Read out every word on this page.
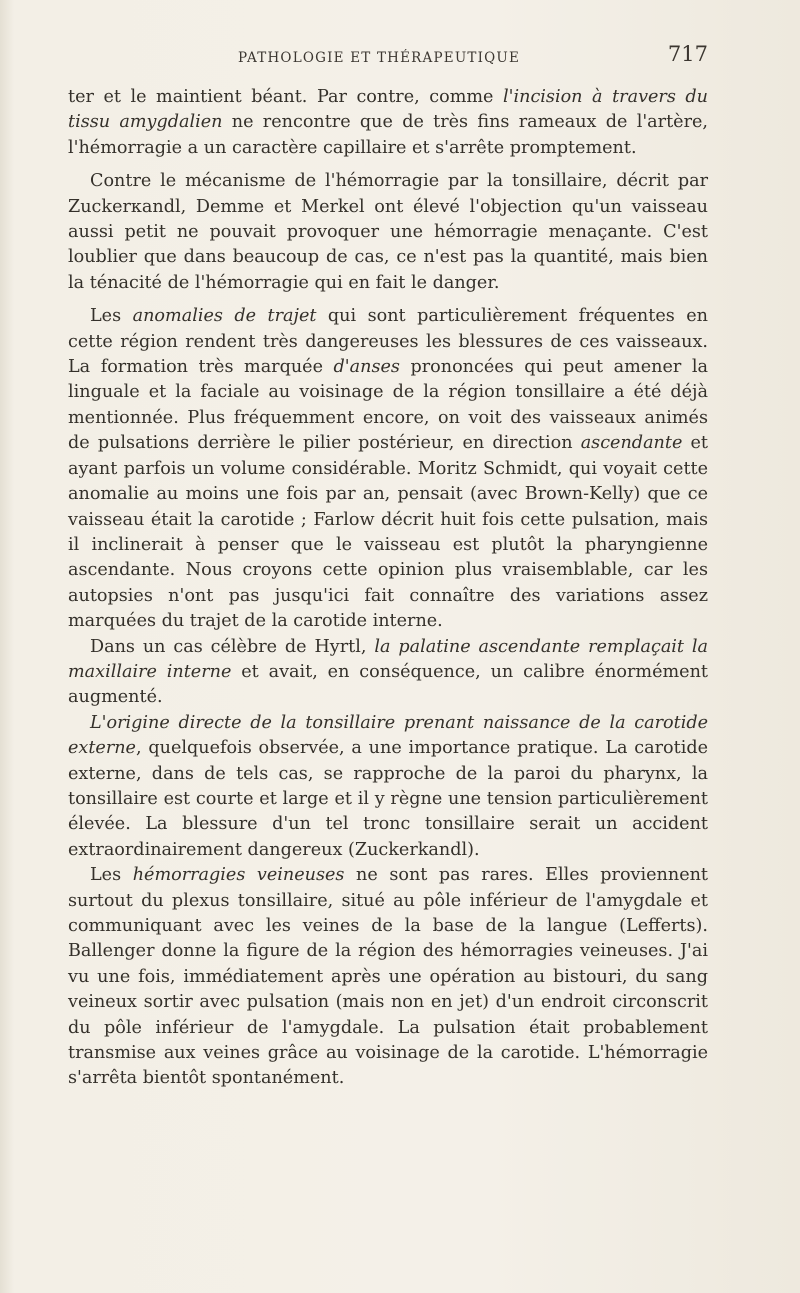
PATHOLOGIE ET THÉRAPEUTIQUE	717

ter et le maintient béant. Par contre, comme l'incision à travers du tissu amygdalien ne rencontre que de très fins rameaux de l'artère, l'hémorragie a un caractère capillaire et s'arrête promptement.

Contre le mécanisme de l'hémorragie par la tonsillaire, décrit par Zuckerкandl, Demme et Merkel ont élevé l'objection qu'un vaisseau aussi petit ne pouvait provoquer une hémorragie menaçante. C'est loublier que dans beaucoup de cas, ce n'est pas la quantité, mais bien la ténacité de l'hémorragie qui en fait le danger.

Les anomalies de trajet qui sont particulièrement fréquentes en cette région rendent très dangereuses les blessures de ces vaisseaux. La formation très marquée d'anses prononcées qui peut amener la linguale et la faciale au voisinage de la région tonsillaire a été déjà mentionnée. Plus fréquemment encore, on voit des vaisseaux animés de pulsations derrière le pilier postérieur, en direction ascendante et ayant parfois un volume considérable. Moritz Schmidt, qui voyait cette anomalie au moins une fois par an, pensait (avec Brown-Kelly) que ce vaisseau était la carotide ; Farlow décrit huit fois cette pulsation, mais il inclinerait à penser que le vaisseau est plutôt la pharyngienne ascendante. Nous croyons cette opinion plus vraisemblable, car les autopsies n'ont pas jusqu'ici fait connaître des variations assez marquées du trajet de la carotide interne.

Dans un cas célèbre de Hyrtl, la palatine ascendante remplaçait la maxillaire interne et avait, en conséquence, un calibre énormément augmenté.

L'origine directe de la tonsillaire prenant naissance de la carotide externe, quelquefois observée, a une importance pratique. La carotide externe, dans de tels cas, se rapproche de la paroi du pharynx, la tonsillaire est courte et large et il y règne une tension particulièrement élevée. La blessure d'un tel tronc tonsillaire serait un accident extraordinairement dangereux (Zuckerkandl).

Les hémorragies veineuses ne sont pas rares. Elles proviennent surtout du plexus tonsillaire, situé au pôle inférieur de l'amygdale et communiquant avec les veines de la base de la langue (Lefferts). Ballenger donne la figure de la région des hémorragies veineuses. J'ai vu une fois, immédiatement après une opération au bistouri, du sang veineux sortir avec pulsation (mais non en jet) d'un endroit circonscrit du pôle inférieur de l'amygdale. La pulsation était probablement transmise aux veines grâce au voisinage de la carotide. L'hémorragie s'arrêta bientôt spontanément.
